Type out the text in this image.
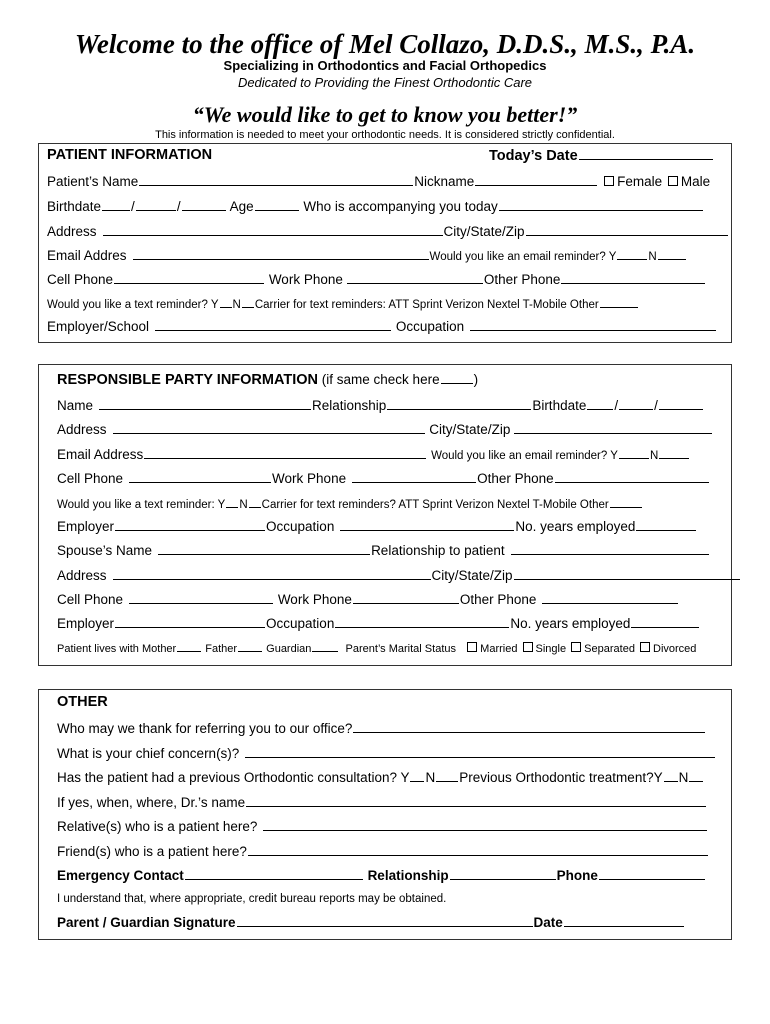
Welcome to the office of Mel Collazo, D.D.S., M.S., P.A.
Specializing in Orthodontics and Facial Orthopedics
Dedicated to Providing the Finest Orthodontic Care
“We would like to get to know you better!”
This information is needed to meet your orthodontic needs. It is considered strictly confidential.
PATIENT INFORMATION	Today’s Date
Patient’s Name	Nickname	Female Male
Birthdate /	/	Age	Who is accompanying you today
Address	City/State/Zip
Email Addres	Would you like an email reminder? Y	N
Cell Phone	Work Phone	Other Phone
Would you like a text reminder? Y N Carrier for text reminders: ATT Sprint Verizon Nextel T-Mobile Other
Employer/School	Occupation
RESPONSIBLE PARTY INFORMATION (if same check here	)
Name	Relationship	Birthdate /	/
Address	City/State/Zip
Email Address	Would you like an email reminder? Y	N
Cell Phone	Work Phone	Other Phone
Would you like a text reminder: Y N Carrier for text reminders? ATT Sprint Verizon Nextel T-Mobile Other
Employer	Occupation	No. years employed
Spouse’s Name	Relationship to patient
Address	City/State/Zip
Cell Phone	Work Phone	Other Phone
Employer	Occupation	No. years employed
Patient lives with Mother	Father	Guardian	Parent’s Marital Status Married Single Separated Divorced
OTHER
Who may we thank for referring you to our office?
What is your chief concern(s)?
Has the patient had a previous Orthodontic consultation? Y N Previous Orthodontic treatment?Y N
If yes, when, where, Dr.’s name
Relative(s) who is a patient here?
Friend(s) who is a patient here?
Emergency Contact	Relationship	Phone
I understand that, where appropriate, credit bureau reports may be obtained.
Parent / Guardian Signature	Date
